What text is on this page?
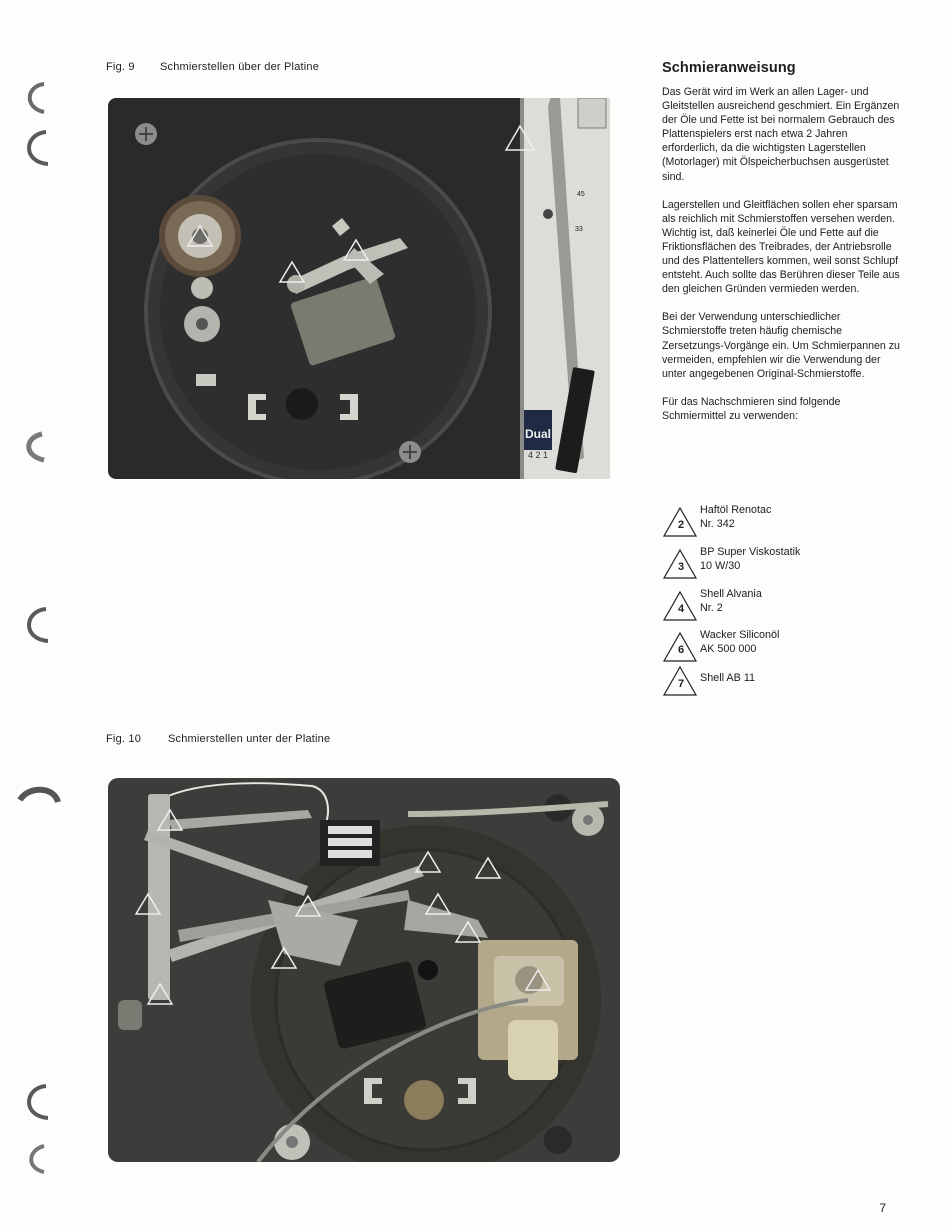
Fig. 9 Schmierstellen über der Platine
Dual
4 2 1
45
33
Fig. 10 Schmierstellen unter der Platine
Schmieranweisung

Das Gerät wird im Werk an allen Lager- und Gleitstellen ausreichend geschmiert. Ein Ergänzen der Öle und Fette ist bei normalem Gebrauch des Plattenspielers erst nach etwa 2 Jahren erforderlich, da die wichtigsten Lagerstellen (Motorlager) mit Ölspeicherbuchsen ausgerüstet sind.

Lagerstellen und Gleitflächen sollen eher sparsam als reichlich mit Schmierstoffen versehen werden. Wichtig ist, daß keinerlei Öle und Fette auf die Friktionsflächen des Treibrades, der Antriebsrolle und des Plattentellers kommen, weil sonst Schlupf entsteht. Auch sollte das Berühren dieser Teile aus den gleichen Gründen vermieden werden.

Bei der Verwendung unterschiedlicher Schmierstoffe treten häufig chemische Zersetzungs-Vorgänge ein. Um Schmierpannen zu vermeiden, empfehlen wir die Verwendung der unter angegebenen Original-Schmierstoffe.

Für das Nachschmieren sind folgende Schmiermittel zu verwenden:

2
Haftöl Renotac
Nr. 342
3
BP Super Viskostatik
10 W/30
4
Shell Alvania
Nr. 2
6
Wacker Siliconöl
AK 500 000
7	Shell AB 11
7
